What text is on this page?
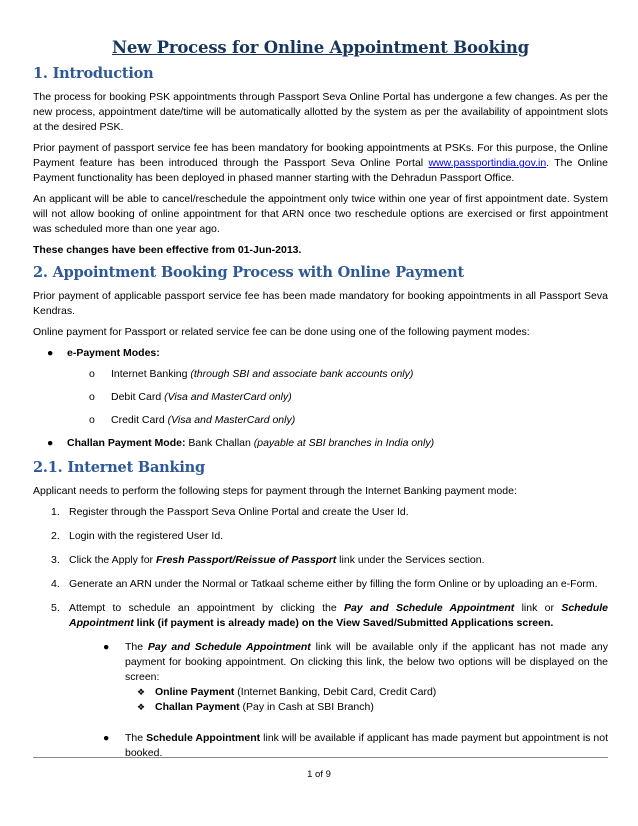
New Process for Online Appointment Booking
1. Introduction

The process for booking PSK appointments through Passport Seva Online Portal has undergone a few changes. As per the new process, appointment date/time will be automatically allotted by the system as per the availability of appointment slots at the desired PSK.

Prior payment of passport service fee has been mandatory for booking appointments at PSKs. For this purpose, the Online Payment feature has been introduced through the Passport Seva Online Portal www.passportindia.gov.in. The Online Payment functionality has been deployed in phased manner starting with the Dehradun Passport Office.

An applicant will be able to cancel/reschedule the appointment only twice within one year of first appointment date. System will not allow booking of online appointment for that ARN once two reschedule options are exercised or first appointment was scheduled more than one year ago.

These changes have been effective from 01-Jun-2013.

2. Appointment Booking Process with Online Payment

Prior payment of applicable passport service fee has been made mandatory for booking appointments in all Passport Seva Kendras.

Online payment for Passport or related service fee can be done using one of the following payment modes:

● e-Payment Modes:
o Internet Banking (through SBI and associate bank accounts only)
o Debit Card (Visa and MasterCard only)
o Credit Card (Visa and MasterCard only)
● Challan Payment Mode: Bank Challan (payable at SBI branches in India only)
2.1. Internet Banking

Applicant needs to perform the following steps for payment through the Internet Banking payment mode:

1. Register through the Passport Seva Online Portal and create the User Id.
2. Login with the registered User Id.
3. Click the Apply for Fresh Passport/Reissue of Passport link under the Services section.
4. Generate an ARN under the Normal or Tatkaal scheme either by filling the form Online or by uploading an e-Form.
5. Attempt to schedule an appointment by clicking the Pay and Schedule Appointment link or Schedule Appointment link (if payment is already made) on the View Saved/Submitted Applications screen.
● The Pay and Schedule Appointment link will be available only if the applicant has not made any payment for booking appointment. On clicking this link, the below two options will be displayed on the screen:
❖ Online Payment (Internet Banking, Debit Card, Credit Card)
❖ Challan Payment (Pay in Cash at SBI Branch)
● The Schedule Appointment link will be available if applicant has made payment but appointment is not booked.
1 of 9
